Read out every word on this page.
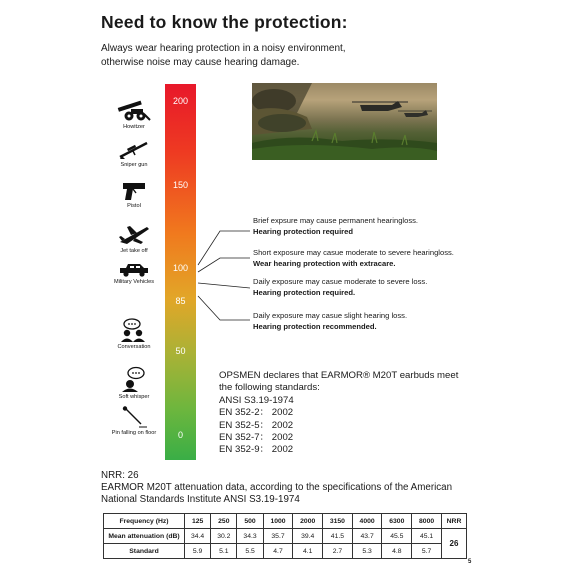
Need to know the protection:
Always wear hearing protection in a noisy environment,
otherwise noise may cause hearing damage.
200
150
100
85
50
0
Howitzer
Sniper gun
Pistol
Jet take off
Military Vehicles
Conversation
Soft whisper
Pin falling on floor
Brief expsure may cause permanent hearingloss.
Hearing protection required
Short exposure may casue moderate to severe hearingloss.
Wear hearing protection with extracare.
Daily exposure may casue moderate to severe loss.
Hearing protection required.
Daily exposure may casue slight hearing loss.
Hearing protection recommended.
OPSMEN declares that EARMOR® M20T earbuds meet
the following standards:
ANSI S3.19-1974
EN 352-2： 2002
EN 352-5： 2002
EN 352-7： 2002
EN 352-9： 2002
NRR: 26
EARMOR M20T attenuation data, according to the specifications of the American
National Standards Institute ANSI S3.19-1974
Frequency (Hz)	125	250	500	1000	2000	3150	4000	6300	8000	NRR
Mean attenuation (dB)	34.4	30.2	34.3	35.7	39.4	41.5	43.7	45.5	45.1	26
Standard	5.9	5.1	5.5	4.7	4.1	2.7	5.3	4.8	5.7	
5
